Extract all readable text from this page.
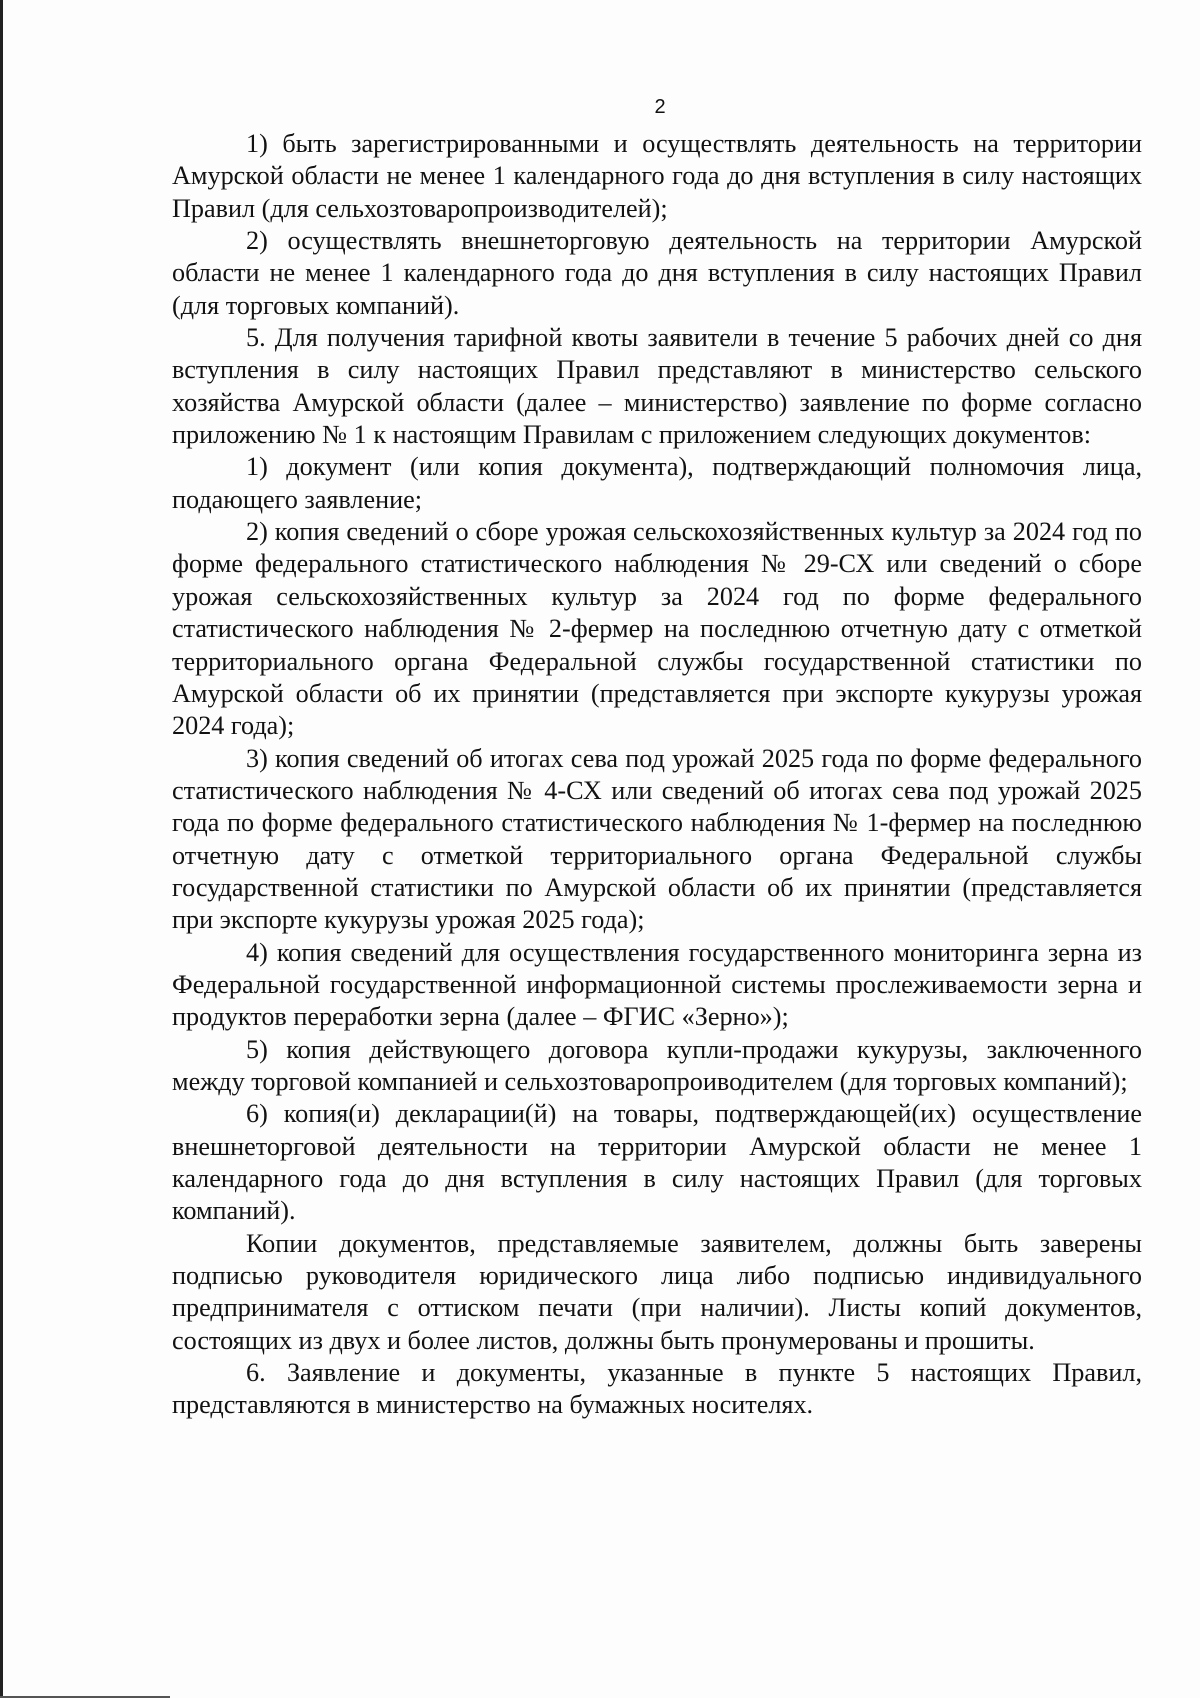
2

1) быть зарегистрированными и осуществлять деятельность на территории Амурской области не менее 1 календарного года до дня вступления в силу настоящих Правил (для сельхозтоваропроизводителей);

2) осуществлять внешнеторговую деятельность на территории Амурской области не менее 1 календарного года до дня вступления в силу настоящих Правил (для торговых компаний).

5. Для получения тарифной квоты заявители в течение 5 рабочих дней со дня вступления в силу настоящих Правил представляют в министерство сельского хозяйства Амурской области (далее – министерство) заявление по форме согласно приложению № 1 к настоящим Правилам с приложением следующих документов:

1) документ (или копия документа), подтверждающий полномочия лица, подающего заявление;

2) копия сведений о сборе урожая сельскохозяйственных культур за 2024 год по форме федерального статистического наблюдения № 29-СХ или сведений о сборе урожая сельскохозяйственных культур за 2024 год по форме федерального статистического наблюдения № 2-фермер на последнюю отчетную дату с отметкой территориального органа Федеральной службы государственной статистики по Амурской области об их принятии (представляется при экспорте кукурузы урожая 2024 года);

3) копия сведений об итогах сева под урожай 2025 года по форме федерального статистического наблюдения № 4-СХ или сведений об итогах сева под урожай 2025 года по форме федерального статистического наблюдения № 1-фермер на последнюю отчетную дату с отметкой территориального органа Федеральной службы государственной статистики по Амурской области об их принятии (представляется при экспорте кукурузы урожая 2025 года);

4) копия сведений для осуществления государственного мониторинга зерна из Федеральной государственной информационной системы прослеживаемости зерна и продуктов переработки зерна (далее – ФГИС «Зерно»);

5) копия действующего договора купли-продажи кукурузы, заключенного между торговой компанией и сельхозтоваропроиводителем (для торговых компаний);

6) копия(и) декларации(й) на товары, подтверждающей(их) осуществление внешнеторговой деятельности на территории Амурской области не менее 1 календарного года до дня вступления в силу настоящих Правил (для торговых компаний).

Копии документов, представляемые заявителем, должны быть заверены подписью руководителя юридического лица либо подписью индивидуального предпринимателя с оттиском печати (при наличии). Листы копий документов, состоящих из двух и более листов, должны быть пронумерованы и прошиты.

6. Заявление и документы, указанные в пункте 5 настоящих Правил, представляются в министерство на бумажных носителях.
